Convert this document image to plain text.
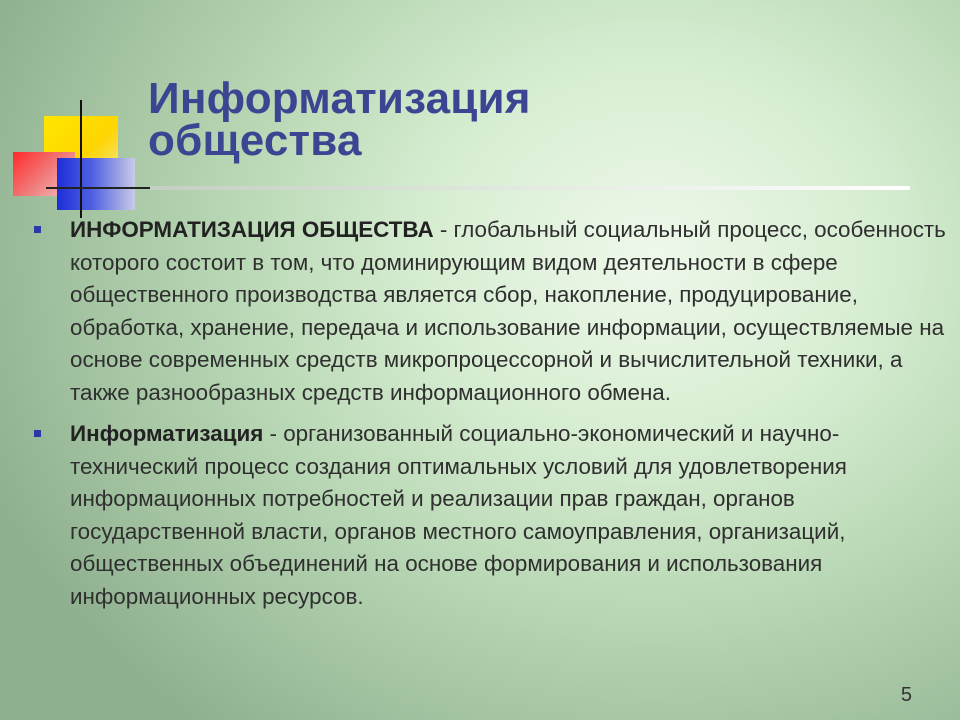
Информатизация
общества
ИНФОРМАТИЗАЦИЯ ОБЩЕСТВА - глобальный социальный процесс, особенность которого состоит в том, что доминирующим видом деятельности в сфере общественного производства является сбор, накопление, продуцирование, обработка, хранение, передача и использование информации, осуществляемые на основе современных средств микропроцессорной и вычислительной техники, а также разнообразных средств информационного обмена.
Информатизация - организованный социально-экономический и научно-технический процесс создания оптимальных условий для удовлетворения информационных потребностей и реализации прав граждан, органов государственной власти, органов местного самоуправления, организаций, общественных объединений на основе формирования и использования информационных ресурсов.
5
